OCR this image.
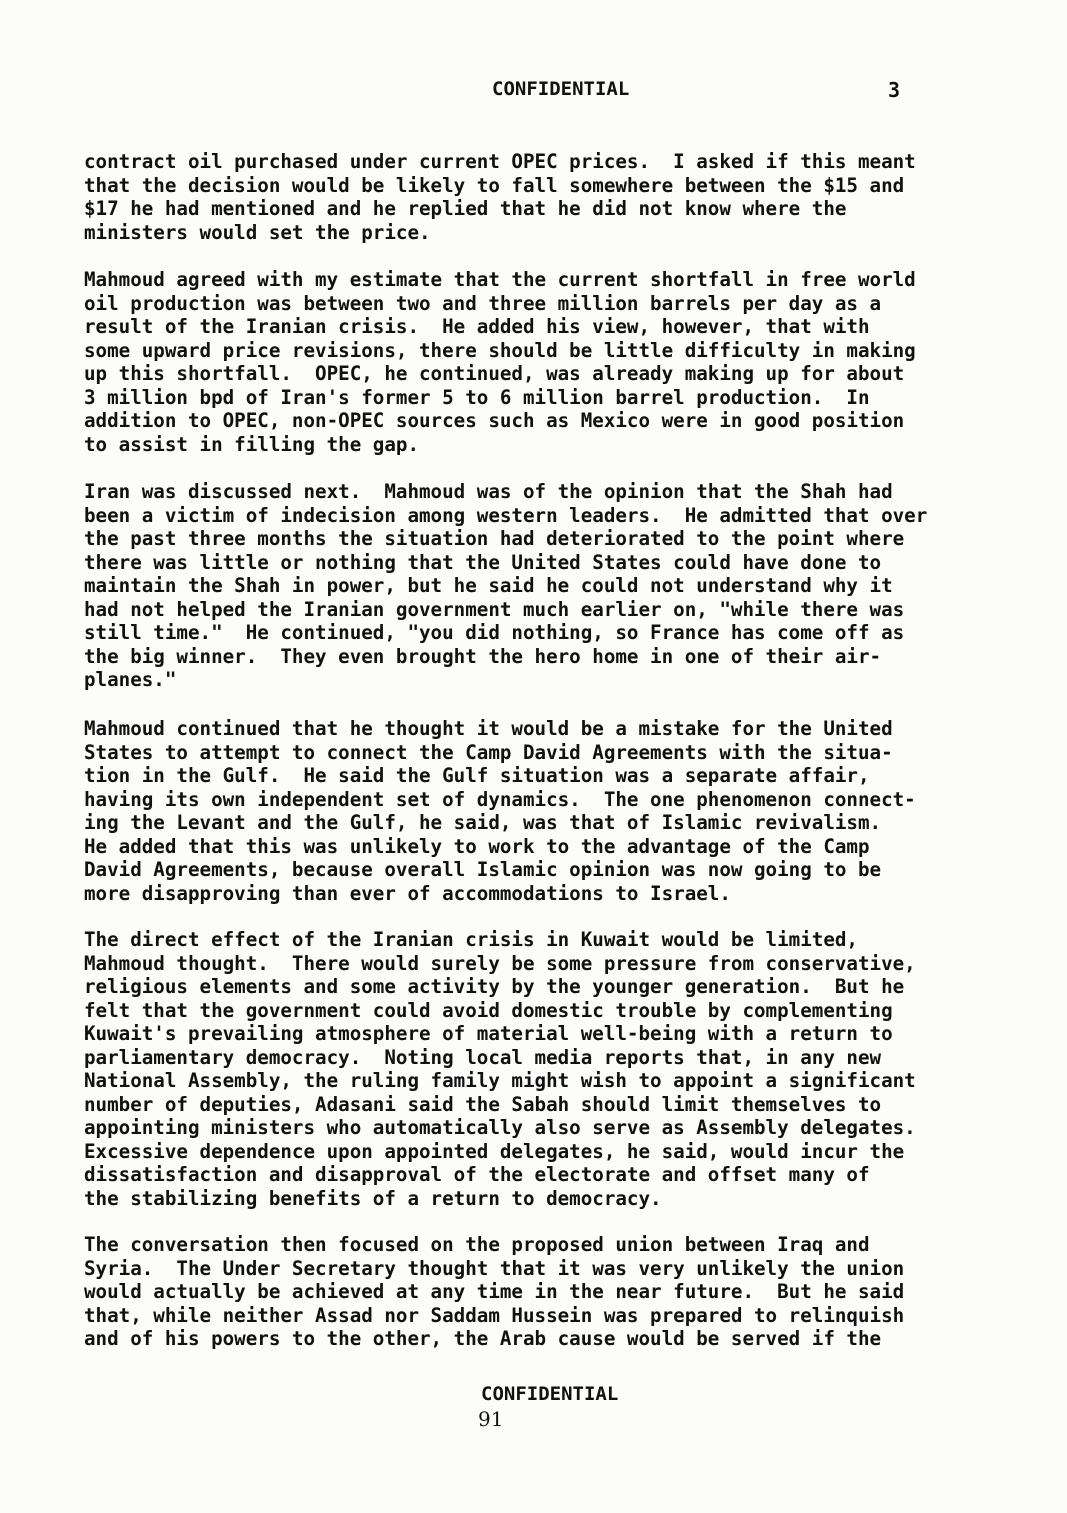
CONFIDENTIAL	3

contract oil purchased under current OPEC prices.  I asked if this meant
that the decision would be likely to fall somewhere between the $15 and
$17 he had mentioned and he replied that he did not know where the
ministers would set the price.

Mahmoud agreed with my estimate that the current shortfall in free world
oil production was between two and three million barrels per day as a
result of the Iranian crisis.  He added his view, however, that with
some upward price revisions, there should be little difficulty in making
up this shortfall.  OPEC, he continued, was already making up for about
3 million bpd of Iran's former 5 to 6 million barrel production.  In
addition to OPEC, non-OPEC sources such as Mexico were in good position
to assist in filling the gap.

Iran was discussed next.  Mahmoud was of the opinion that the Shah had
been a victim of indecision among western leaders.  He admitted that over
the past three months the situation had deteriorated to the point where
there was little or nothing that the United States could have done to
maintain the Shah in power, but he said he could not understand why it
had not helped the Iranian government much earlier on, "while there was
still time."  He continued, "you did nothing, so France has come off as
the big winner.  They even brought the hero home in one of their air-
planes."

Mahmoud continued that he thought it would be a mistake for the United
States to attempt to connect the Camp David Agreements with the situa-
tion in the Gulf.  He said the Gulf situation was a separate affair,
having its own independent set of dynamics.  The one phenomenon connect-
ing the Levant and the Gulf, he said, was that of Islamic revivalism.
He added that this was unlikely to work to the advantage of the Camp
David Agreements, because overall Islamic opinion was now going to be
more disapproving than ever of accommodations to Israel.

The direct effect of the Iranian crisis in Kuwait would be limited,
Mahmoud thought.  There would surely be some pressure from conservative,
religious elements and some activity by the younger generation.  But he
felt that the government could avoid domestic trouble by complementing
Kuwait's prevailing atmosphere of material well-being with a return to
parliamentary democracy.  Noting local media reports that, in any new
National Assembly, the ruling family might wish to appoint a significant
number of deputies, Adasani said the Sabah should limit themselves to
appointing ministers who automatically also serve as Assembly delegates.
Excessive dependence upon appointed delegates, he said, would incur the
dissatisfaction and disapproval of the electorate and offset many of
the stabilizing benefits of a return to democracy.

The conversation then focused on the proposed union between Iraq and
Syria.  The Under Secretary thought that it was very unlikely the union
would actually be achieved at any time in the near future.  But he said
that, while neither Assad nor Saddam Hussein was prepared to relinquish
and of his powers to the other, the Arab cause would be served if the

CONFIDENTIAL
91
